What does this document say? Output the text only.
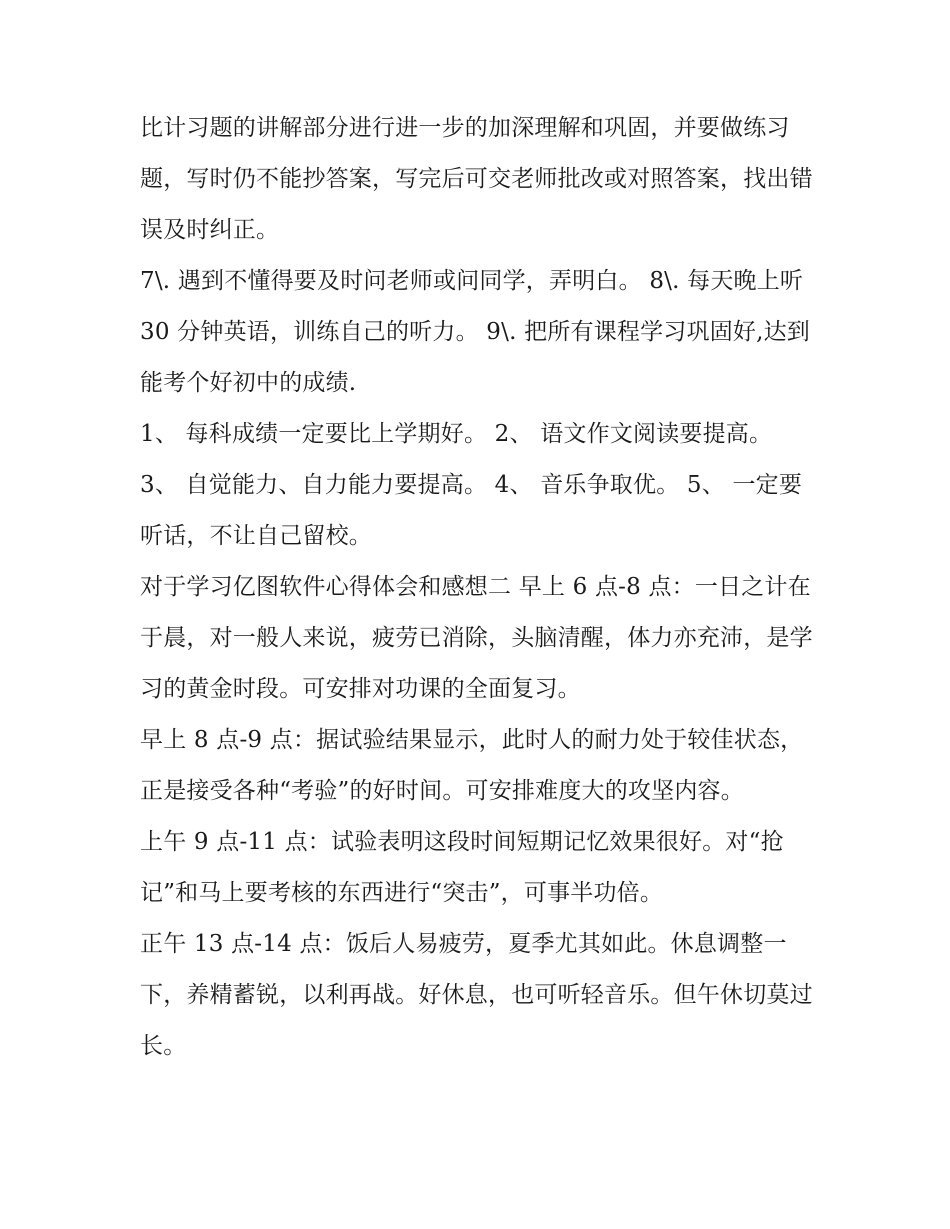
比计习题的讲解部分进行进一步的加深理解和巩固，并要做练习题，写时仍不能抄答案，写完后可交老师批改或对照答案，找出错误及时纠正。

7\. 遇到不懂得要及时问老师或问同学，弄明白。 8\. 每天晚上听 30 分钟英语，训练自己的听力。 9\. 把所有课程学习巩固好,达到能考个好初中的成绩.

1、 每科成绩一定要比上学期好。 2、 语文作文阅读要提高。

3、 自觉能力、自力能力要提高。 4、 音乐争取优。 5、 一定要听话，不让自己留校。

对于学习亿图软件心得体会和感想二 早上 6 点-8 点：一日之计在于晨，对一般人来说，疲劳已消除，头脑清醒，体力亦充沛，是学习的黄金时段。可安排对功课的全面复习。

早上 8 点-9 点：据试验结果显示，此时人的耐力处于较佳状态，正是接受各种“考验”的好时间。可安排难度大的攻坚内容。

上午 9 点-11 点：试验表明这段时间短期记忆效果很好。对“抢记”和马上要考核的东西进行“突击”，可事半功倍。

正午 13 点-14 点：饭后人易疲劳，夏季尤其如此。休息调整一下，养精蓄锐，以利再战。好休息，也可听轻音乐。但午休切莫过长。
